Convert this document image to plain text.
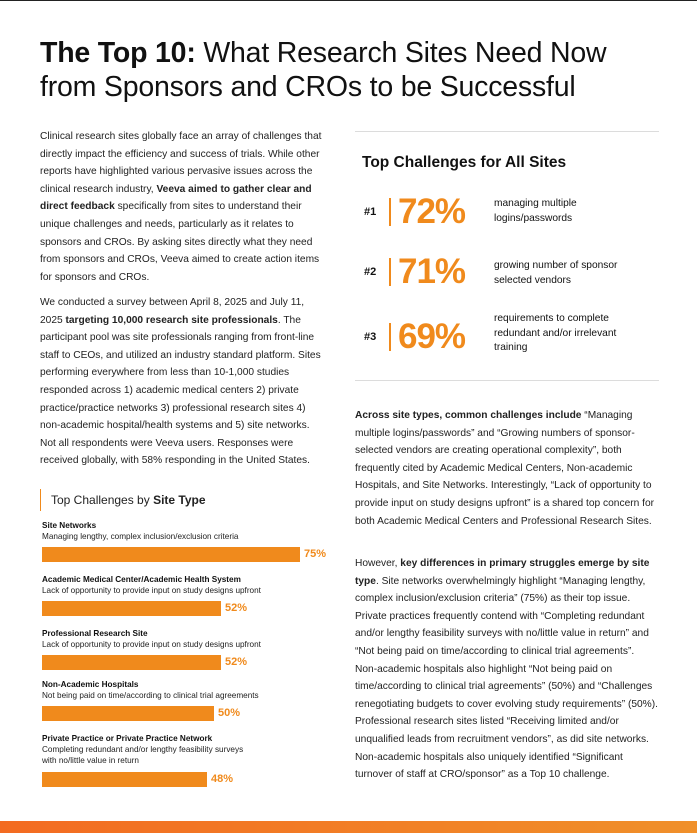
The Top 10: What Research Sites Need Now from Sponsors and CROs to be Successful

Clinical research sites globally face an array of challenges that directly impact the efficiency and success of trials. While other reports have highlighted various pervasive issues across the clinical research industry, Veeva aimed to gather clear and direct feedback specifically from sites to understand their unique challenges and needs, particularly as it relates to sponsors and CROs. By asking sites directly what they need from sponsors and CROs, Veeva aimed to create action items for sponsors and CROs.

We conducted a survey between April 8, 2025 and July 11, 2025 targeting 10,000 research site professionals. The participant pool was site professionals ranging from front-line staff to CEOs, and utilized an industry standard platform. Sites performing everywhere from less than 10-1,000 studies responded across 1) academic medical centers 2) private practice/practice networks 3) professional research sites 4) non-academic hospital/health systems and 5) site networks. Not all respondents were Veeva users. Responses were received globally, with 58% responding in the United States.

Top Challenges by Site Type
Site Networks
Managing lengthy, complex inclusion/exclusion criteria
75%
Academic Medical Center/Academic Health System
Lack of opportunity to provide input on study designs upfront
52%
Professional Research Site
Lack of opportunity to provide input on study designs upfront
52%
Non-Academic Hospitals
Not being paid on time/according to clinical trial agreements
50%
Private Practice or Private Practice Network
Completing redundant and/or lengthy feasibility surveys with no/little value in return
48%
Top Challenges for All Sites
#1 72%	managing multiple logins/passwords
#2 71%	growing number of sponsor selected vendors
#3 69%	requirements to complete redundant and/or irrelevant training

Across site types, common challenges include “Managing multiple logins/passwords” and “Growing numbers of sponsor-selected vendors are creating operational complexity”, both frequently cited by Academic Medical Centers, Non-academic Hospitals, and Site Networks. Interestingly, “Lack of opportunity to provide input on study designs upfront” is a shared top concern for both Academic Medical Centers and Professional Research Sites.

However, key differences in primary struggles emerge by site type. Site networks overwhelmingly highlight “Managing lengthy, complex inclusion/exclusion criteria” (75%) as their top issue. Private practices frequently contend with “Completing redundant and/or lengthy feasibility surveys with no/little value in return” and “Not being paid on time/according to clinical trial agreements”. Non-academic hospitals also highlight “Not being paid on time/according to clinical trial agreements” (50%) and “Challenges renegotiating budgets to cover evolving study requirements” (50%). Professional research sites listed “Receiving limited and/or unqualified leads from recruitment vendors”, as did site networks. Non-academic hospitals also uniquely identified “Significant turnover of staff at CRO/sponsor” as a Top 10 challenge.
